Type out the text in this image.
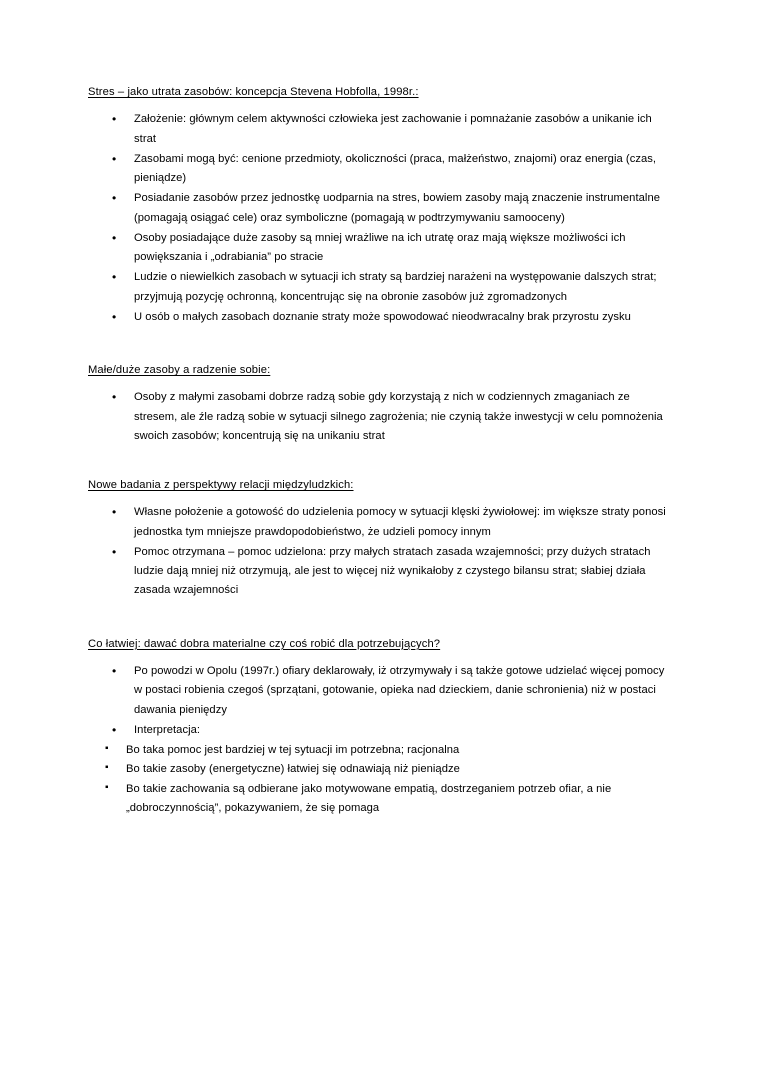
Stres – jako utrata zasobów: koncepcja Stevena Hobfolla, 1998r.:

• Założenie: głównym celem aktywności człowieka jest zachowanie i pomnażanie zasobów a unikanie ich strat
• Zasobami mogą być: cenione przedmioty, okoliczności (praca, małżeństwo, znajomi) oraz energia (czas, pieniądze)
• Posiadanie zasobów przez jednostkę uodparnia na stres, bowiem zasoby mają znaczenie instrumentalne (pomagają osiągać cele) oraz symboliczne (pomagają w podtrzymywaniu samooceny)
• Osoby posiadające duże zasoby są mniej wrażliwe na ich utratę oraz mają większe możliwości ich powiększania i „odrabiania” po stracie
• Ludzie o niewielkich zasobach w sytuacji ich straty są bardziej narażeni na występowanie dalszych strat; przyjmują pozycję ochronną, koncentrując się na obronie zasobów już zgromadzonych
• U osób o małych zasobach doznanie straty może spowodować nieodwracalny brak przyrostu zysku

Małe/duże zasoby a radzenie sobie:

• Osoby z małymi zasobami dobrze radzą sobie gdy korzystają z nich w codziennych zmaganiach ze stresem, ale źle radzą sobie w sytuacji silnego zagrożenia; nie czynią także inwestycji w celu pomnożenia swoich zasobów; koncentrują się na unikaniu strat

Nowe badania z perspektywy relacji międzyludzkich:

• Własne położenie a gotowość do udzielenia pomocy w sytuacji klęski żywiołowej: im większe straty ponosi jednostka tym mniejsze prawdopodobieństwo, że udzieli pomocy innym
• Pomoc otrzymana – pomoc udzielona: przy małych stratach zasada wzajemności; przy dużych stratach ludzie dają mniej niż otrzymują, ale jest to więcej niż wynikałoby z czystego bilansu strat; słabiej działa zasada wzajemności

Co łatwiej: dawać dobra materialne czy coś robić dla potrzebujących?

• Po powodzi w Opolu (1997r.) ofiary deklarowały, iż otrzymywały i są także gotowe udzielać więcej pomocy w postaci robienia czegoś (sprzątani, gotowanie, opieka nad dzieckiem, danie schronienia) niż w postaci dawania pieniędzy
• Interpretacja:
▪ Bo taka pomoc jest bardziej w tej sytuacji im potrzebna; racjonalna
▪ Bo takie zasoby (energetyczne) łatwiej się odnawiają niż pieniądze
▪ Bo takie zachowania są odbierane jako motywowane empatią, dostrzeganiem potrzeb ofiar, a nie „dobroczynnością”, pokazywaniem, że się pomaga
